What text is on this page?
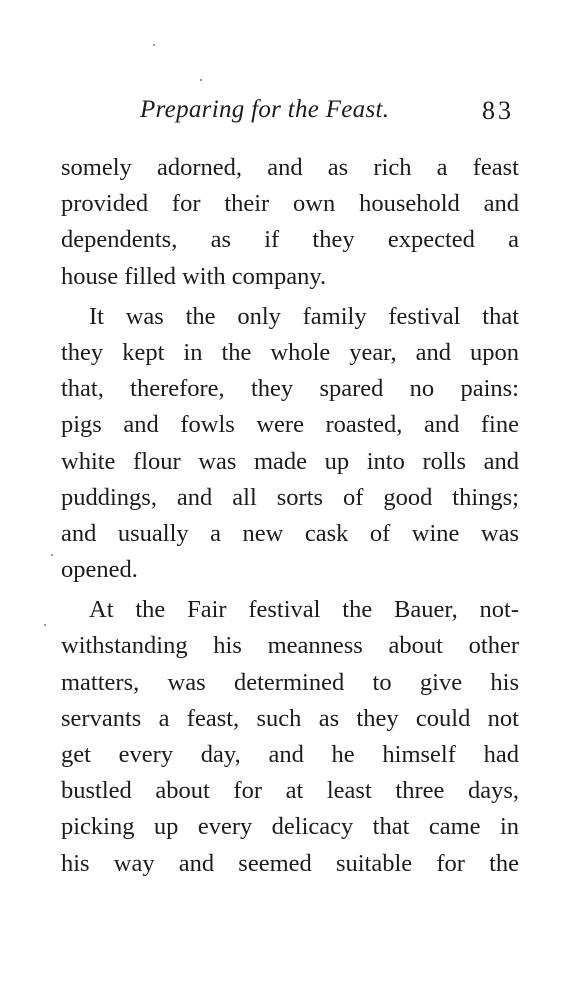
Preparing for the Feast.	83
somely adorned, and as rich a feast
provided for their own household and
dependents, as if they expected a
house filled with company.
It was the only family festival that
they kept in the whole year, and upon
that, therefore, they spared no pains:
pigs and fowls were roasted, and fine
white flour was made up into rolls and
puddings, and all sorts of good things;
and usually a new cask of wine was
opened.
At the Fair festival the Bauer, not-
withstanding his meanness about other
matters, was determined to give his
servants a feast, such as they could not
get every day, and he himself had
bustled about for at least three days,
picking up every delicacy that came in
his way and seemed suitable for the
